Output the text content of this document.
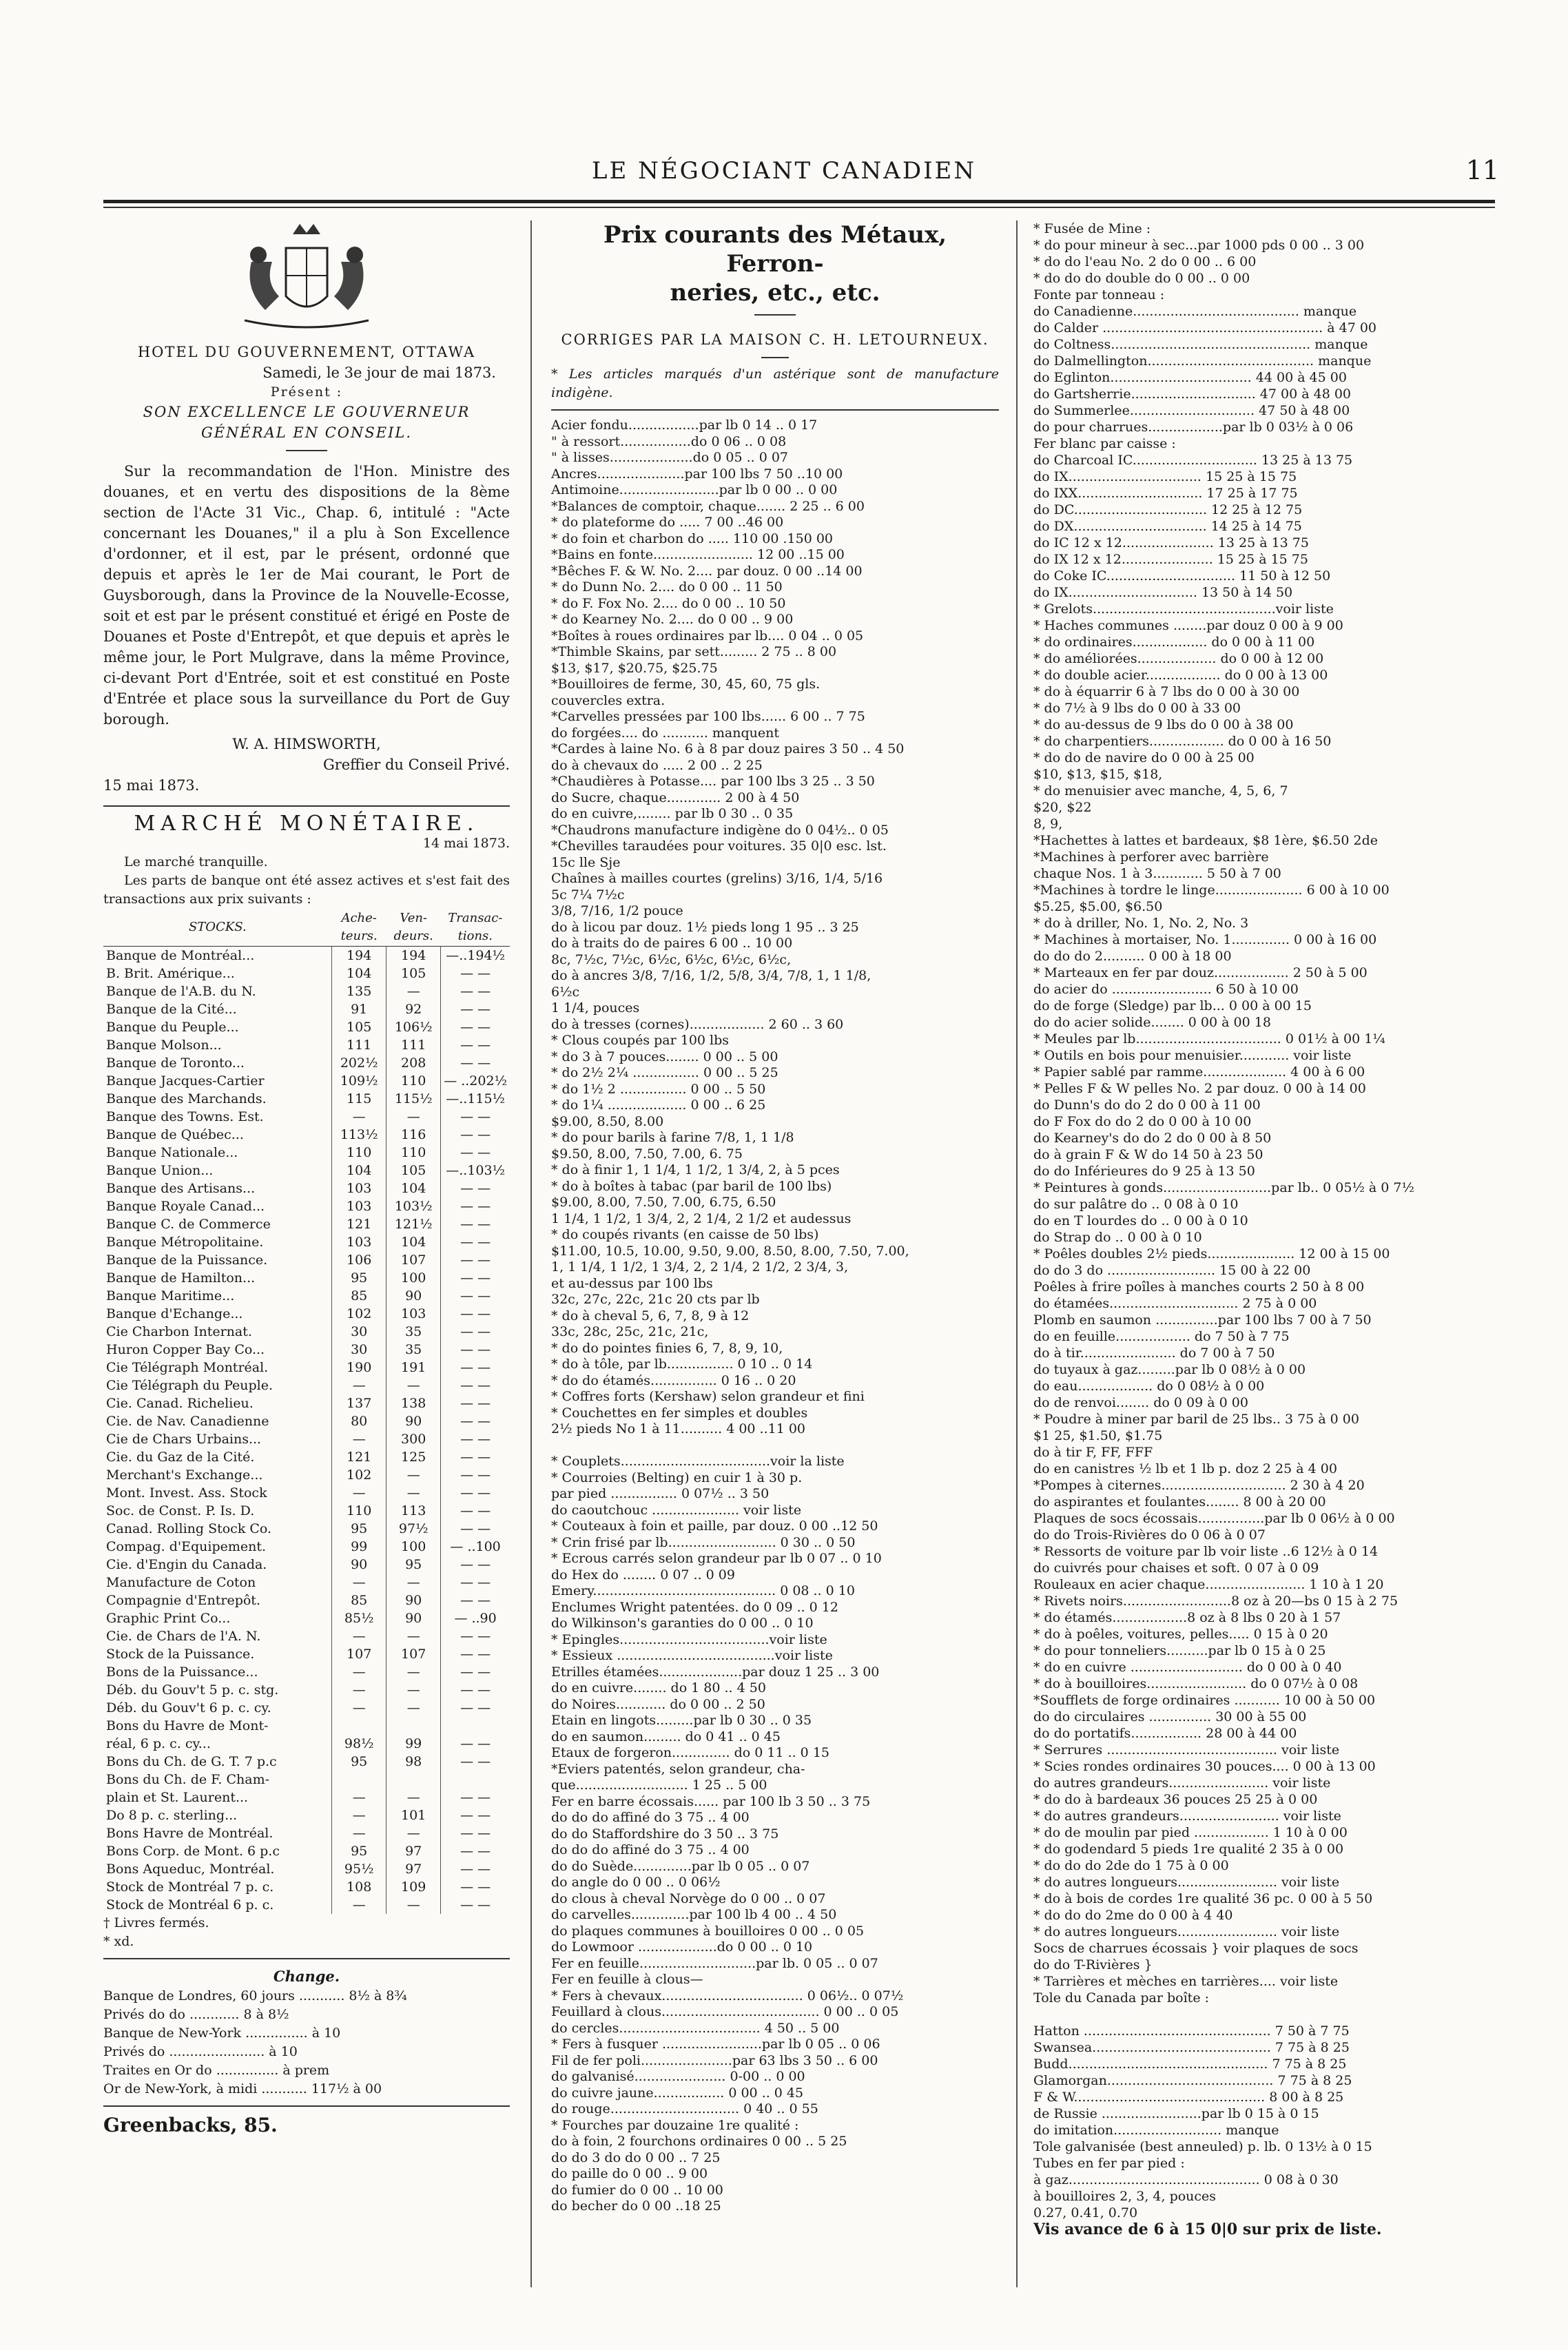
LE NÉGOCIANT CANADIEN	11
HOTEL DU GOUVERNEMENT, OTTAWA
Samedi, le 3e jour de mai 1873.
Présent :
SON EXCELLENCE LE GOUVERNEUR
GÉNÉRAL EN CONSEIL.
Sur la recommandation de l'Hon. Ministre des douanes, et en vertu des dispositions de la 8ème section de l'Acte 31 Vic., Chap. 6, intitulé : "Acte concernant les Douanes," il a plu à Son Excellence d'ordonner, et il est, par le présent, ordonné que depuis et après le 1er de Mai courant, le Port de Guysborough, dans la Province de la Nouvelle-Ecosse, soit et est par le présent constitué et érigé en Poste de Douanes et Poste d'Entrepôt, et que depuis et après le même jour, le Port Mulgrave, dans la même Province, ci-devant Port d'Entrée, soit et est constitué en Poste d'Entrée et place sous la surveillance du Port de Guy borough.
W. A. HIMSWORTH,
Greffier du Conseil Privé.
15 mai 1873.
MARCHÉ MONÉTAIRE.
14 mai 1873.
Le marché tranquille.
Les parts de banque ont été assez actives et s'est fait des transactions aux prix suivants :
STOCKS.	Ache-teurs.	Ven-deurs.	Transac-tions.
Banque de Montréal...	194	194	—..194½
B. Brit. Amérique...	104	105	— —
Banque de l'A.B. du N.	135	—	— —
Banque de la Cité...	91	92	— —
Banque du Peuple...	105	106½	— —
Banque Molson...	111	111	— —
Banque de Toronto...	202½	208	— —
Banque Jacques-Cartier	109½	110	— ..202½
Banque des Marchands.	115	115½	—..115½
Banque des Towns. Est.	—	—	— —
Banque de Québec...	113½	116	— —
Banque Nationale...	110	110	— —
Banque Union...	104	105	—..103½
Banque des Artisans...	103	104	— —
Banque Royale Canad...	103	103½	— —
Banque C. de Commerce	121	121½	— —
Banque Métropolitaine.	103	104	— —
Banque de la Puissance.	106	107	— —
Banque de Hamilton...	95	100	— —
Banque Maritime...	85	90	— —
Banque d'Echange...	102	103	— —
Cie Charbon Internat.	30	35	— —
Huron Copper Bay Co...	30	35	— —
Cie Télégraph Montréal.	190	191	— —
Cie Télégraph du Peuple.	—	—	— —
Cie. Canad. Richelieu.	137	138	— —
Cie. de Nav. Canadienne	80	90	— —
Cie de Chars Urbains...	—	300	— —
Cie. du Gaz de la Cité.	121	125	— —
Merchant's Exchange...	102	—	— —
Mont. Invest. Ass. Stock	—	—	— —
Soc. de Const. P. Is. D.	110	113	— —
Canad. Rolling Stock Co.	95	97½	— —
Compag. d'Equipement.	99	100	— ..100
Cie. d'Engin du Canada.	90	95	— —
Manufacture de Coton	—	—	— —
Compagnie d'Entrepôt.	85	90	— —
Graphic Print Co...	85½	90	— ..90
Cie. de Chars de l'A. N.	—	—	— —
Stock de la Puissance.	107	107	— —
Bons de la Puissance...	—	—	— —
Déb. du Gouv't 5 p. c. stg.	—	—	— —
Déb. du Gouv't 6 p. c. cy.	—	—	— —
Bons du Havre de Mont-			
réal, 6 p. c. cy...	98½	99	— —
Bons du Ch. de G. T. 7 p.c	95	98	— —
Bons du Ch. de F. Cham-			
plain et St. Laurent...	—	—	— —
Do 8 p. c. sterling...	—	101	— —
Bons Havre de Montréal.	—	—	— —
Bons Corp. de Mont. 6 p.c	95	97	— —
Bons Aqueduc, Montréal.	95½	97	— —
Stock de Montréal 7 p. c.	108	109	— —
Stock de Montréal 6 p. c.	—	—	— —
† Livres fermés.
* xd.
Change.
Banque de Londres, 60 jours ........... 8½ à 8¾
Privés do do ............ 8 à 8½
Banque de New-York ............... à 10
Privés do ....................... à 10
Traites en Or do ............... à prem
Or de New-York, à midi ........... 117½ à 00
Greenbacks, 85.
Prix courants des Métaux, Ferron-
neries, etc., etc.
CORRIGES PAR LA MAISON C. H. LETOURNEUX.
* Les articles marqués d'un astérique sont de manufacture indigène.
Acier fondu.................par lb 0 14 .. 0 17
" à ressort.................do 0 06 .. 0 08
" à lisses....................do 0 05 .. 0 07
Ancres.....................par 100 lbs 7 50 ..10 00
Antimoine........................par lb 0 00 .. 0 00
*Balances de comptoir, chaque....... 2 25 .. 6 00
* do plateforme do ..... 7 00 ..46 00
* do foin et charbon do ..... 110 00 .150 00
*Bains en fonte........................ 12 00 ..15 00
*Bêches F. & W. No. 2.... par douz. 0 00 ..14 00
* do Dunn No. 2.... do 0 00 .. 11 50
* do F. Fox No. 2.... do 0 00 .. 10 50
* do Kearney No. 2.... do 0 00 .. 9 00
*Boîtes à roues ordinaires par lb.... 0 04 .. 0 05
*Thimble Skains, par sett......... 2 75 .. 8 00
$13, $17, $20.75, $25.75
*Bouilloires de ferme, 30, 45, 60, 75 gls.
couvercles extra.
*Carvelles pressées par 100 lbs...... 6 00 .. 7 75
do forgées.... do ........... manquent
*Cardes à laine No. 6 à 8 par douz paires 3 50 .. 4 50
do à chevaux do ..... 2 00 .. 2 25
*Chaudières à Potasse.... par 100 lbs 3 25 .. 3 50
do Sucre, chaque............. 2 00 à 4 50
do en cuivre,........ par lb 0 30 .. 0 35
*Chaudrons manufacture indigène do 0 04½.. 0 05
*Chevilles taraudées pour voitures. 35 0|0 esc. lst.
15c lle Sje
Chaînes à mailles courtes (grelins) 3/16, 1/4, 5/16
5c 7¼ 7½c
3/8, 7/16, 1/2 pouce
do à licou par douz. 1½ pieds long 1 95 .. 3 25
do à traits do de paires 6 00 .. 10 00
8c, 7½c, 7½c, 6½c, 6½c, 6½c, 6½c,
do à ancres 3/8, 7/16, 1/2, 5/8, 3/4, 7/8, 1, 1 1/8,
6½c
1 1/4, pouces
do à tresses (cornes).................. 2 60 .. 3 60
* Clous coupés par 100 lbs
* do 3 à 7 pouces........ 0 00 .. 5 00
* do 2½ 2¼ ................ 0 00 .. 5 25
* do 1½ 2 ................ 0 00 .. 5 50
* do 1¼ ................... 0 00 .. 6 25
$9.00, 8.50, 8.00
* do pour barils à farine 7/8, 1, 1 1/8
$9.50, 8.00, 7.50, 7.00, 6. 75
* do à finir 1, 1 1/4, 1 1/2, 1 3/4, 2, à 5 pces
* do à boîtes à tabac (par baril de 100 lbs)
$9.00, 8.00, 7.50, 7.00, 6.75, 6.50
1 1/4, 1 1/2, 1 3/4, 2, 2 1/4, 2 1/2 et audessus
* do coupés rivants (en caisse de 50 lbs)
$11.00, 10.5, 10.00, 9.50, 9.00, 8.50, 8.00, 7.50, 7.00,
1, 1 1/4, 1 1/2, 1 3/4, 2, 2 1/4, 2 1/2, 2 3/4, 3,
et au-dessus par 100 lbs
32c, 27c, 22c, 21c 20 cts par lb
* do à cheval 5, 6, 7, 8, 9 à 12
33c, 28c, 25c, 21c, 21c,
* do do pointes finies 6, 7, 8, 9, 10,
* do à tôle, par lb................ 0 10 .. 0 14
* do do étamés................ 0 16 .. 0 20
* Coffres forts (Kershaw) selon grandeur et fini
* Couchettes en fer simples et doubles
2½ pieds No 1 à 11.......... 4 00 ..11 00
* Couplets....................................voir la liste
* Courroies (Belting) en cuir 1 à 30 p.
par pied ................ 0 07½ .. 3 50
do caoutchouc ..................... voir liste
* Couteaux à foin et paille, par douz. 0 00 ..12 50
* Crin frisé par lb.......................... 0 30 .. 0 50
* Ecrous carrés selon grandeur par lb 0 07 .. 0 10
do Hex do ........ 0 07 .. 0 09
Emery............................................ 0 08 .. 0 10
Enclumes Wright patentées. do 0 09 .. 0 12
do Wilkinson's garanties do 0 00 .. 0 10
* Epingles....................................voir liste
* Essieux ......................................voir liste
Etrilles étamées....................par douz 1 25 .. 3 00
do en cuivre........ do 1 80 .. 4 50
do Noires............ do 0 00 .. 2 50
Etain en lingots.........par lb 0 30 .. 0 35
do en saumon......... do 0 41 .. 0 45
Etaux de forgeron.............. do 0 11 .. 0 15
*Eviers patentés, selon grandeur, cha-
que........................... 1 25 .. 5 00
Fer en barre écossais...... par 100 lb 3 50 .. 3 75
do do do affiné do 3 75 .. 4 00
do do Staffordshire do 3 50 .. 3 75
do do do affiné do 3 75 .. 4 00
do do Suède..............par lb 0 05 .. 0 07
do angle do 0 00 .. 0 06½
do clous à cheval Norvège do 0 00 .. 0 07
do carvelles..............par 100 lb 4 00 .. 4 50
do plaques communes à bouilloires 0 00 .. 0 05
do Lowmoor ...................do 0 00 .. 0 10
Fer en feuille............................par lb. 0 05 .. 0 07
Fer en feuille à clous—
* Fers à chevaux.................................. 0 06½.. 0 07½
Feuillard à clous...................................... 0 00 .. 0 05
do cercles.................................. 4 50 .. 5 00
* Fers à fusquer ........................par lb 0 05 .. 0 06
Fil de fer poli......................par 63 lbs 3 50 .. 6 00
do galvanisé...................... 0-00 .. 0 00
do cuivre jaune................. 0 00 .. 0 45
do rouge............................... 0 40 .. 0 55
* Fourches par douzaine 1re qualité :
do à foin, 2 fourchons ordinaires 0 00 .. 5 25
do do 3 do do 0 00 .. 7 25
do paille do 0 00 .. 9 00
do fumier do 0 00 .. 10 00
do becher do 0 00 ..18 25
* Fusée de Mine :
* do pour mineur à sec...par 1000 pds 0 00 .. 3 00
* do do l'eau No. 2 do 0 00 .. 6 00
* do do do double do 0 00 .. 0 00
Fonte par tonneau :
do Canadienne........................................ manque
do Calder ..................................................... à 47 00
do Coltness................................................ manque
do Dalmellington........................................ manque
do Eglinton.................................. 44 00 à 45 00
do Gartsherrie.............................. 47 00 à 48 00
do Summerlee.............................. 47 50 à 48 00
do pour charrues..................par lb 0 03½ à 0 06
Fer blanc par caisse :
do Charcoal IC.............................. 13 25 à 13 75
do IX................................ 15 25 à 15 75
do IXX.............................. 17 25 à 17 75
do DC................................ 12 25 à 12 75
do DX................................ 14 25 à 14 75
do IC 12 x 12...................... 13 25 à 13 75
do IX 12 x 12...................... 15 25 à 15 75
do Coke IC............................... 11 50 à 12 50
do IX............................... 13 50 à 14 50
* Grelots............................................voir liste
* Haches communes ........par douz 0 00 à 9 00
* do ordinaires.................. do 0 00 à 11 00
* do améliorées................... do 0 00 à 12 00
* do double acier.................. do 0 00 à 13 00
* do à équarrir 6 à 7 lbs do 0 00 à 30 00
* do 7½ à 9 lbs do 0 00 à 33 00
* do au-dessus de 9 lbs do 0 00 à 38 00
* do charpentiers.................. do 0 00 à 16 50
* do do de navire do 0 00 à 25 00
$10, $13, $15, $18,
* do menuisier avec manche, 4, 5, 6, 7
$20, $22
8, 9,
*Hachettes à lattes et bardeaux, $8 1ère, $6.50 2de
*Machines à perforer avec barrière
chaque Nos. 1 à 3............ 5 50 à 7 00
*Machines à tordre le linge..................... 6 00 à 10 00
$5.25, $5.00, $6.50
* do à driller, No. 1, No. 2, No. 3
* Machines à mortaiser, No. 1.............. 0 00 à 16 00
do do do 2.......... 0 00 à 18 00
* Marteaux en fer par douz.................. 2 50 à 5 00
do acier do ........................ 6 50 à 10 00
do de forge (Sledge) par lb... 0 00 à 00 15
do do acier solide........ 0 00 à 00 18
* Meules par lb................................... 0 01½ à 00 1¼
* Outils en bois pour menuisier............ voir liste
* Papier sablé par ramme.................... 4 00 à 6 00
* Pelles F & W pelles No. 2 par douz. 0 00 à 14 00
do Dunn's do do 2 do 0 00 à 11 00
do F Fox do do 2 do 0 00 à 10 00
do Kearney's do do 2 do 0 00 à 8 50
do à grain F & W do 14 50 à 23 50
do do Inférieures do 9 25 à 13 50
* Peintures à gonds..........................par lb.. 0 05½ à 0 7½
do sur palâtre do .. 0 08 à 0 10
do en T lourdes do .. 0 00 à 0 10
do Strap do .. 0 00 à 0 10
* Poêles doubles 2½ pieds..................... 12 00 à 15 00
do do 3 do .......................... 15 00 à 22 00
Poêles à frire poîles à manches courts 2 50 à 8 00
do étamées............................... 2 75 à 0 00
Plomb en saumon ...............par 100 lbs 7 00 à 7 50
do en feuille.................. do 7 50 à 7 75
do à tir....................... do 7 00 à 7 50
do tuyaux à gaz.........par lb 0 08½ à 0 00
do eau.................. do 0 08½ à 0 00
do de renvoi........ do 0 09 à 0 00
* Poudre à miner par baril de 25 lbs.. 3 75 à 0 00
$1 25, $1.50, $1.75
do à tir F, FF, FFF
do en canistres ½ lb et 1 lb p. doz 2 25 à 4 00
*Pompes à citernes.............................. 2 30 à 4 20
do aspirantes et foulantes........ 8 00 à 20 00
Plaques de socs écossais................par lb 0 06½ à 0 00
do do Trois-Rivières do 0 06 à 0 07
* Ressorts de voiture par lb voir liste ..6 12½ à 0 14
do cuivrés pour chaises et soft. 0 07 à 0 09
Rouleaux en acier chaque........................ 1 10 à 1 20
* Rivets noirs..........................8 oz à 20—bs 0 15 à 2 75
* do étamés..................8 oz à 8 lbs 0 20 à 1 57
* do à poêles, voitures, pelles..... 0 15 à 0 20
* do pour tonneliers..........par lb 0 15 à 0 25
* do en cuivre ........................... do 0 00 à 0 40
* do à bouilloires........................ do 0 07½ à 0 08
*Soufflets de forge ordinaires ........... 10 00 à 50 00
do do circulaires ............... 30 00 à 55 00
do do portatifs................. 28 00 à 44 00
* Serrures ......................................... voir liste
* Scies rondes ordinaires 30 pouces.... 0 00 à 13 00
do autres grandeurs........................ voir liste
* do do à bardeaux 36 pouces 25 25 à 0 00
* do autres grandeurs........................ voir liste
* do de moulin par pied .................. 1 10 à 0 00
* do godendard 5 pieds 1re qualité 2 35 à 0 00
* do do do 2de do 1 75 à 0 00
* do autres longueurs........................ voir liste
* do à bois de cordes 1re qualité 36 pc. 0 00 à 5 50
* do do do 2me do 0 00 à 4 40
* do autres longueurs........................ voir liste
Socs de charrues écossais } voir plaques de socs
do do T-Rivières }
* Tarrières et mèches en tarrières.... voir liste
Tole du Canada par boîte :
Hatton ............................................. 7 50 à 7 75
Swansea........................................... 7 75 à 8 25
Budd................................................ 7 75 à 8 25
Glamorgan........................................ 7 75 à 8 25
F & W.............................................. 8 00 à 8 25
de Russie ........................par lb 0 15 à 0 15
do imitation.......................... manque
Tole galvanisée (best anneuled) p. lb. 0 13½ à 0 15
Tubes en fer par pied :
à gaz.............................................. 0 08 à 0 30
à bouilloires 2, 3, 4, pouces
0.27, 0.41, 0.70
Vis avance de 6 à 15 0|0 sur prix de liste.
